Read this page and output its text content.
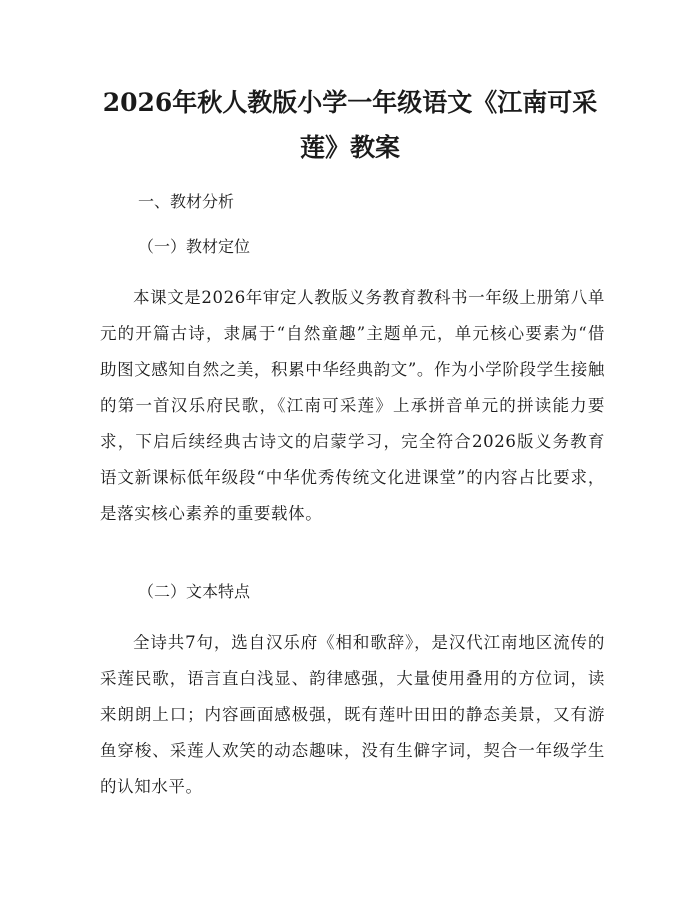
2026年秋人教版小学一年级语文《江南可采
莲》教案

一、教材分析

（一）教材定位

本课文是2026年审定人教版义务教育教科书一年级上册第八单元的开篇古诗，隶属于“自然童趣”主题单元，单元核心要素为“借助图文感知自然之美，积累中华经典韵文”。作为小学阶段学生接触的第一首汉乐府民歌，《江南可采莲》上承拼音单元的拼读能力要求，下启后续经典古诗文的启蒙学习，完全符合2026版义务教育语文新课标低年级段“中华优秀传统文化进课堂”的内容占比要求，是落实核心素养的重要载体。

（二）文本特点

全诗共7句，选自汉乐府《相和歌辞》，是汉代江南地区流传的采莲民歌，语言直白浅显、韵律感强，大量使用叠用的方位词，读来朗朗上口；内容画面感极强，既有莲叶田田的静态美景，又有游鱼穿梭、采莲人欢笑的动态趣味，没有生僻字词，契合一年级学生的认知水平。
